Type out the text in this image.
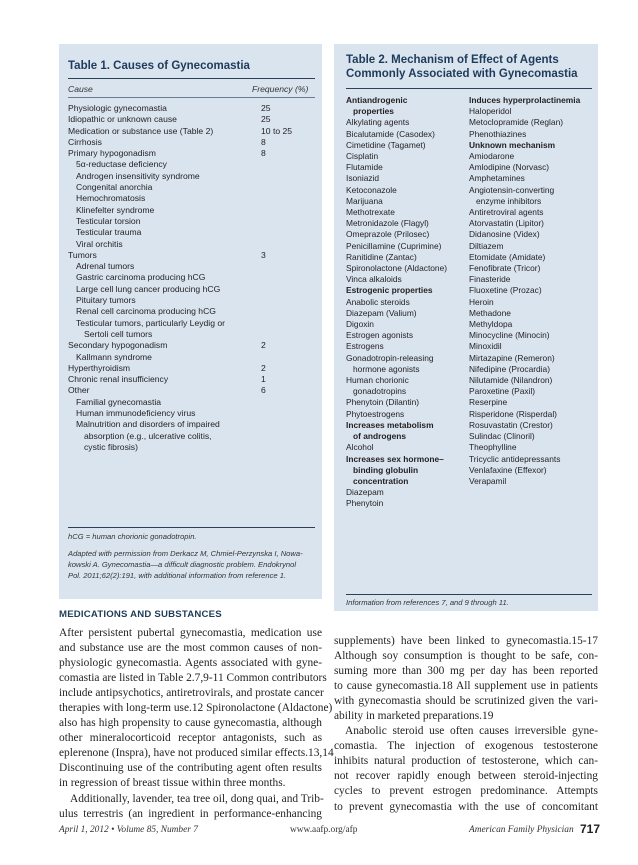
Table 1. Causes of Gynecomastia
Cause	Frequency (%)
Physiologic gynecomastia	25
Idiopathic or unknown cause	25
Medication or substance use (Table 2)	10 to 25
Cirrhosis	8
Primary hypogonadism	8
5α-reductase deficiency
Androgen insensitivity syndrome
Congenital anorchia
Hemochromatosis
Klinefelter syndrome
Testicular torsion
Testicular trauma
Viral orchitis
Tumors	3
Adrenal tumors
Gastric carcinoma producing hCG
Large cell lung cancer producing hCG
Pituitary tumors
Renal cell carcinoma producing hCG
Testicular tumors, particularly Leydig or
Sertoli cell tumors
Secondary hypogonadism	2
Kallmann syndrome
Hyperthyroidism	2
Chronic renal insufficiency	1
Other	6
Familial gynecomastia
Human immunodeficiency virus
Malnutrition and disorders of impaired
absorption (e.g., ulcerative colitis,
cystic fibrosis)
hCG = human chorionic gonadotropin.
Adapted with permission from Derkacz M, Chmiel-Perzynska I, Nowa-
kowski A. Gynecomastia—a difficult diagnostic problem. Endokrynol
Pol. 2011;62(2):191, with additional information from reference 1.
Table 2. Mechanism of Effect of Agents
Commonly Associated with Gynecomastia
Antiandrogenic
properties
Alkylating agents
Bicalutamide (Casodex)
Cimetidine (Tagamet)
Cisplatin
Flutamide
Isoniazid
Ketoconazole
Marijuana
Methotrexate
Metronidazole (Flagyl)
Omeprazole (Prilosec)
Penicillamine (Cuprimine)
Ranitidine (Zantac)
Spironolactone (Aldactone)
Vinca alkaloids
Estrogenic properties
Anabolic steroids
Diazepam (Valium)
Digoxin
Estrogen agonists
Estrogens
Gonadotropin-releasing
hormone agonists
Human chorionic
gonadotropins
Phenytoin (Dilantin)
Phytoestrogens
Increases metabolism
of androgens
Alcohol
Increases sex hormone–
binding globulin
concentration
Diazepam
Phenytoin
Induces hyperprolactinemia
Haloperidol
Metoclopramide (Reglan)
Phenothiazines
Unknown mechanism
Amiodarone
Amlodipine (Norvasc)
Amphetamines
Angiotensin-converting
enzyme inhibitors
Antiretroviral agents
Atorvastatin (Lipitor)
Didanosine (Videx)
Diltiazem
Etomidate (Amidate)
Fenofibrate (Tricor)
Finasteride
Fluoxetine (Prozac)
Heroin
Methadone
Methyldopa
Minocycline (Minocin)
Minoxidil
Mirtazapine (Remeron)
Nifedipine (Procardia)
Nilutamide (Nilandron)
Paroxetine (Paxil)
Reserpine
Risperidone (Risperdal)
Rosuvastatin (Crestor)
Sulindac (Clinoril)
Theophylline
Tricyclic antidepressants
Venlafaxine (Effexor)
Verapamil
Information from references 7, and 9 through 11.
MEDICATIONS AND SUBSTANCES
After persistent pubertal gynecomastia, medication use
and substance use are the most common causes of non-
physiologic gynecomastia. Agents associated with gyne-
comastia are listed in Table 2.7,9-11 Common contributors
include antipsychotics, antiretrovirals, and prostate cancer
therapies with long-term use.12 Spironolactone (Aldactone)
also has high propensity to cause gynecomastia, although
other mineralocorticoid receptor antagonists, such as
eplerenone (Inspra), have not produced similar effects.13,14
Discontinuing use of the contributing agent often results
in regression of breast tissue within three months.
Additionally, lavender, tea tree oil, dong quai, and Trib-
ulus terrestris (an ingredient in performance-enhancing
supplements) have been linked to gynecomastia.15-17
Although soy consumption is thought to be safe, con-
suming more than 300 mg per day has been reported
to cause gynecomastia.18 All supplement use in patients
with gynecomastia should be scrutinized given the vari-
ability in marketed preparations.19
Anabolic steroid use often causes irreversible gyne-
comastia. The injection of exogenous testosterone
inhibits natural production of testosterone, which can-
not recover rapidly enough between steroid-injecting
cycles to prevent estrogen predominance. Attempts
to prevent gynecomastia with the use of concomitant
April 1, 2012 • Volume 85, Number 7	www.aafp.org/afp	American Family Physician 717
